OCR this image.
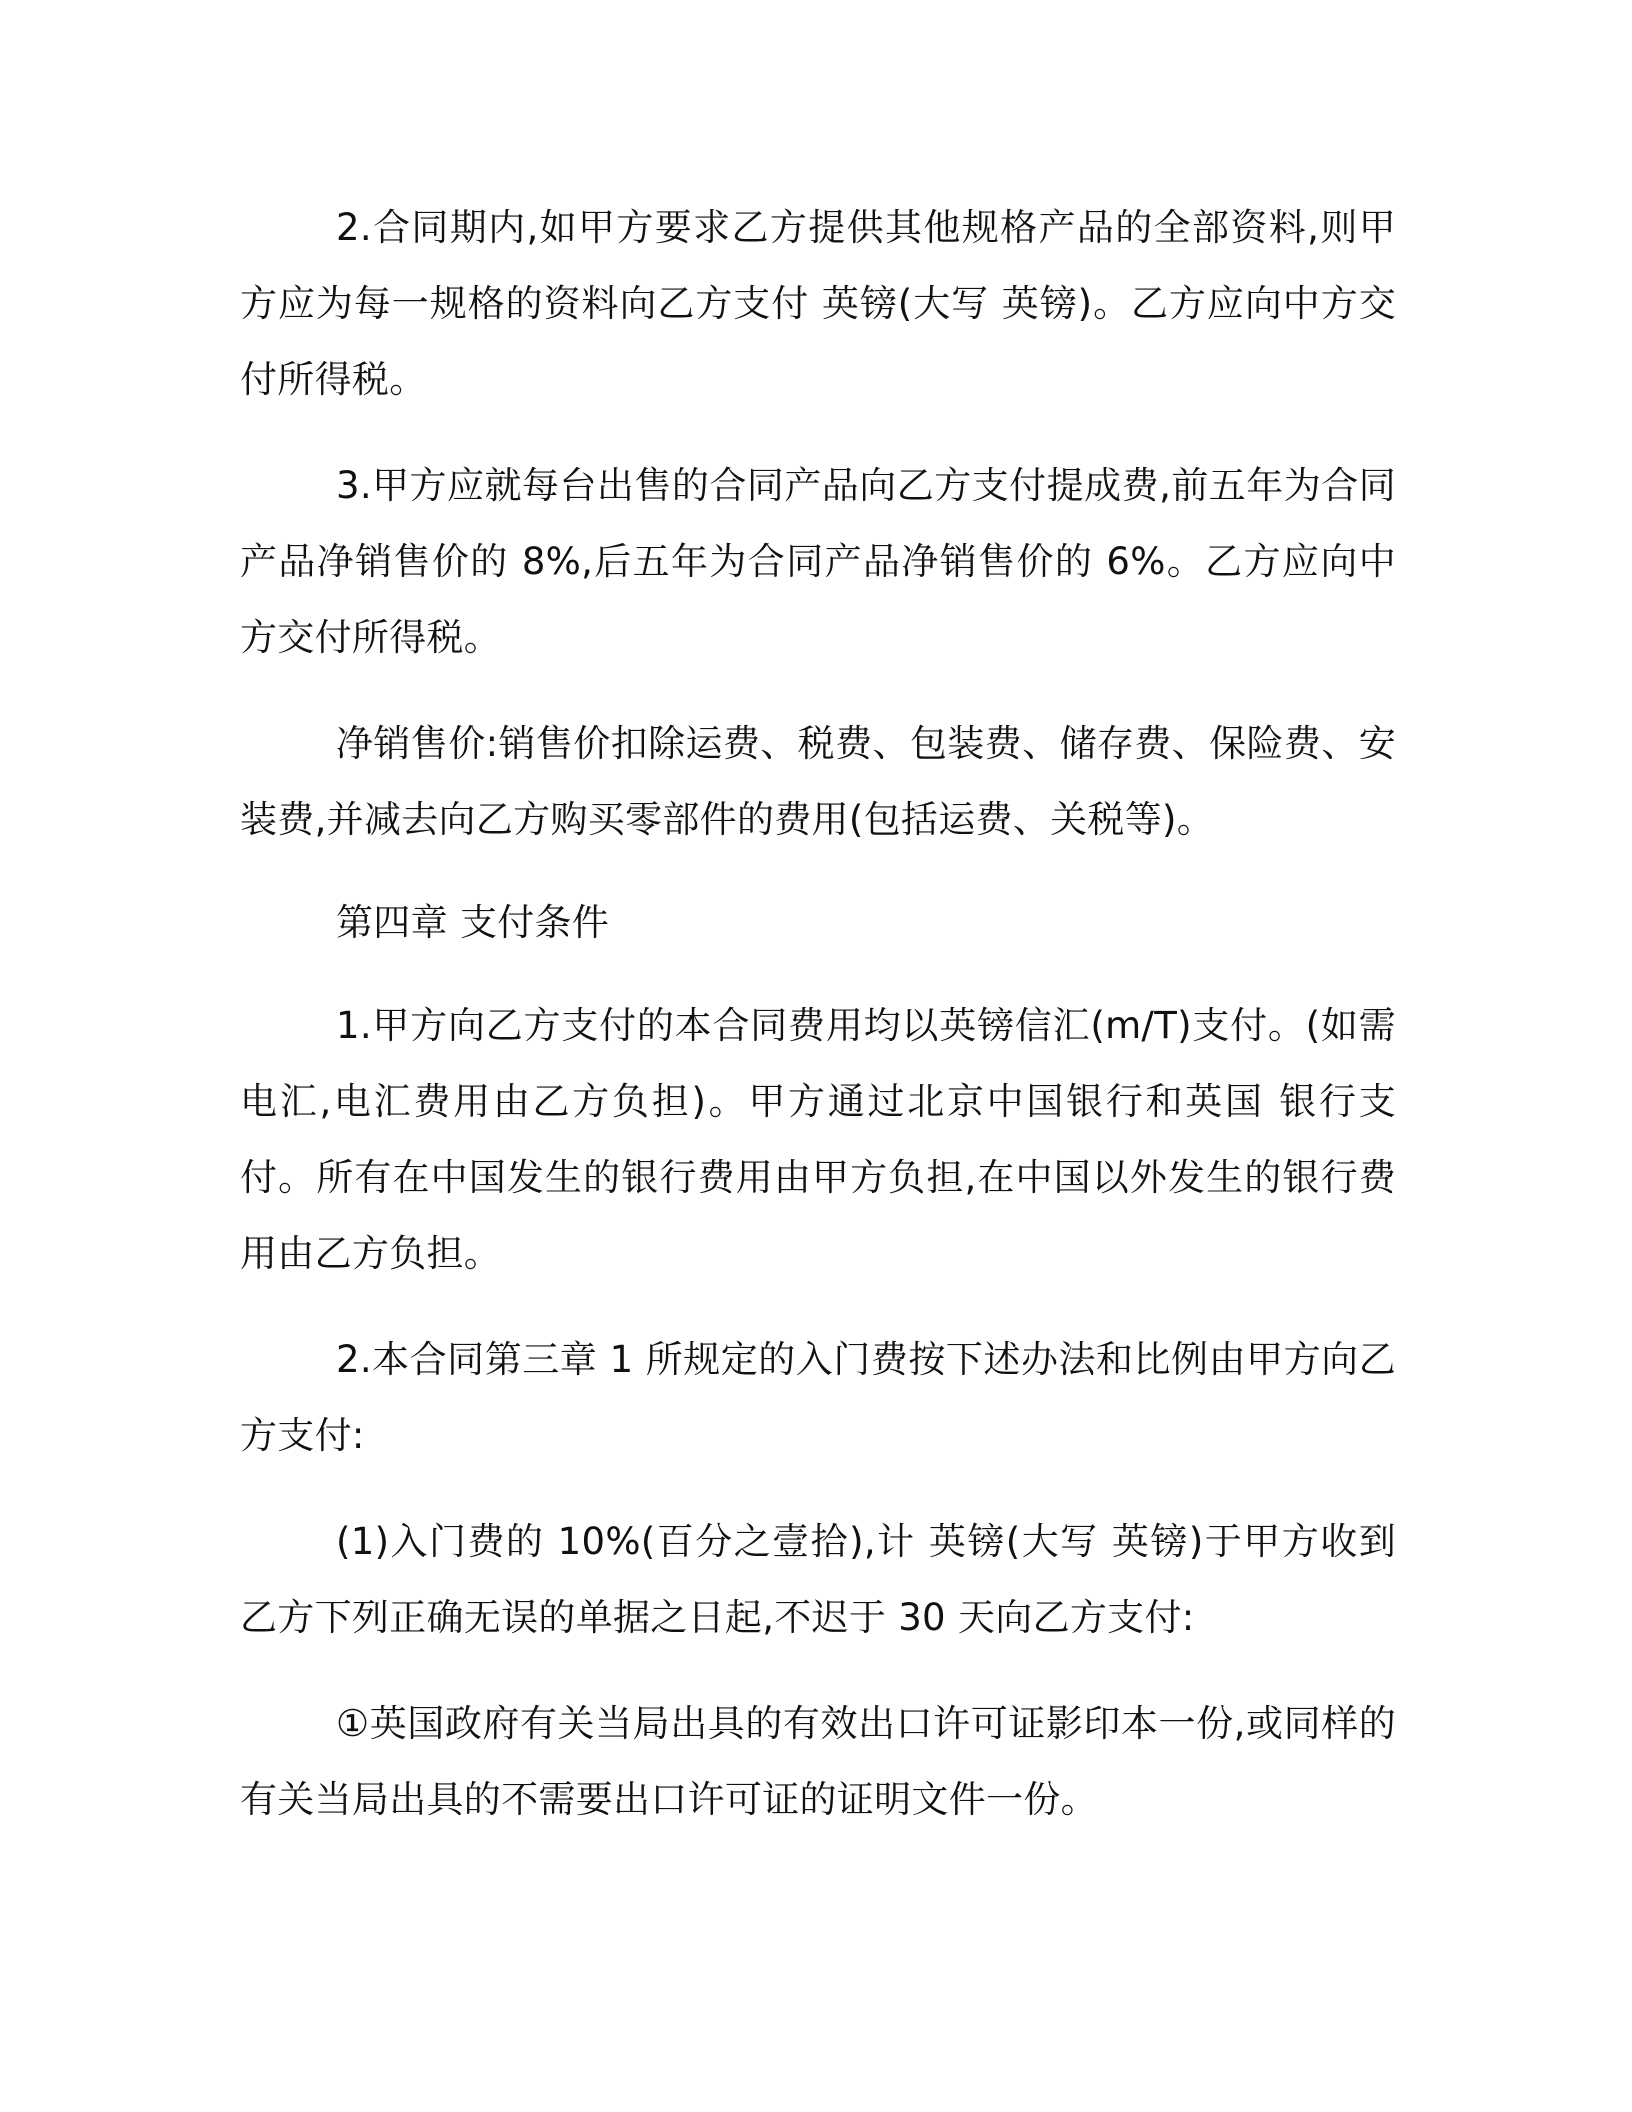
2.合同期内,如甲方要求乙方提供其他规格产品的全部资料,则甲方应为每一规格的资料向乙方支付 英镑(大写 英镑)。乙方应向中方交付所得税。

3.甲方应就每台出售的合同产品向乙方支付提成费,前五年为合同产品净销售价的 8%,后五年为合同产品净销售价的 6%。乙方应向中方交付所得税。

净销售价:销售价扣除运费、税费、包装费、储存费、保险费、安装费,并减去向乙方购买零部件的费用(包括运费、关税等)。

第四章 支付条件

1.甲方向乙方支付的本合同费用均以英镑信汇(m/T)支付。(如需电汇,电汇费用由乙方负担)。甲方通过北京中国银行和英国 银行支付。所有在中国发生的银行费用由甲方负担,在中国以外发生的银行费用由乙方负担。

2.本合同第三章 1 所规定的入门费按下述办法和比例由甲方向乙方支付:

(1)入门费的 10%(百分之壹拾),计 英镑(大写 英镑)于甲方收到乙方下列正确无误的单据之日起,不迟于 30 天向乙方支付:

①英国政府有关当局出具的有效出口许可证影印本一份,或同样的有关当局出具的不需要出口许可证的证明文件一份。
